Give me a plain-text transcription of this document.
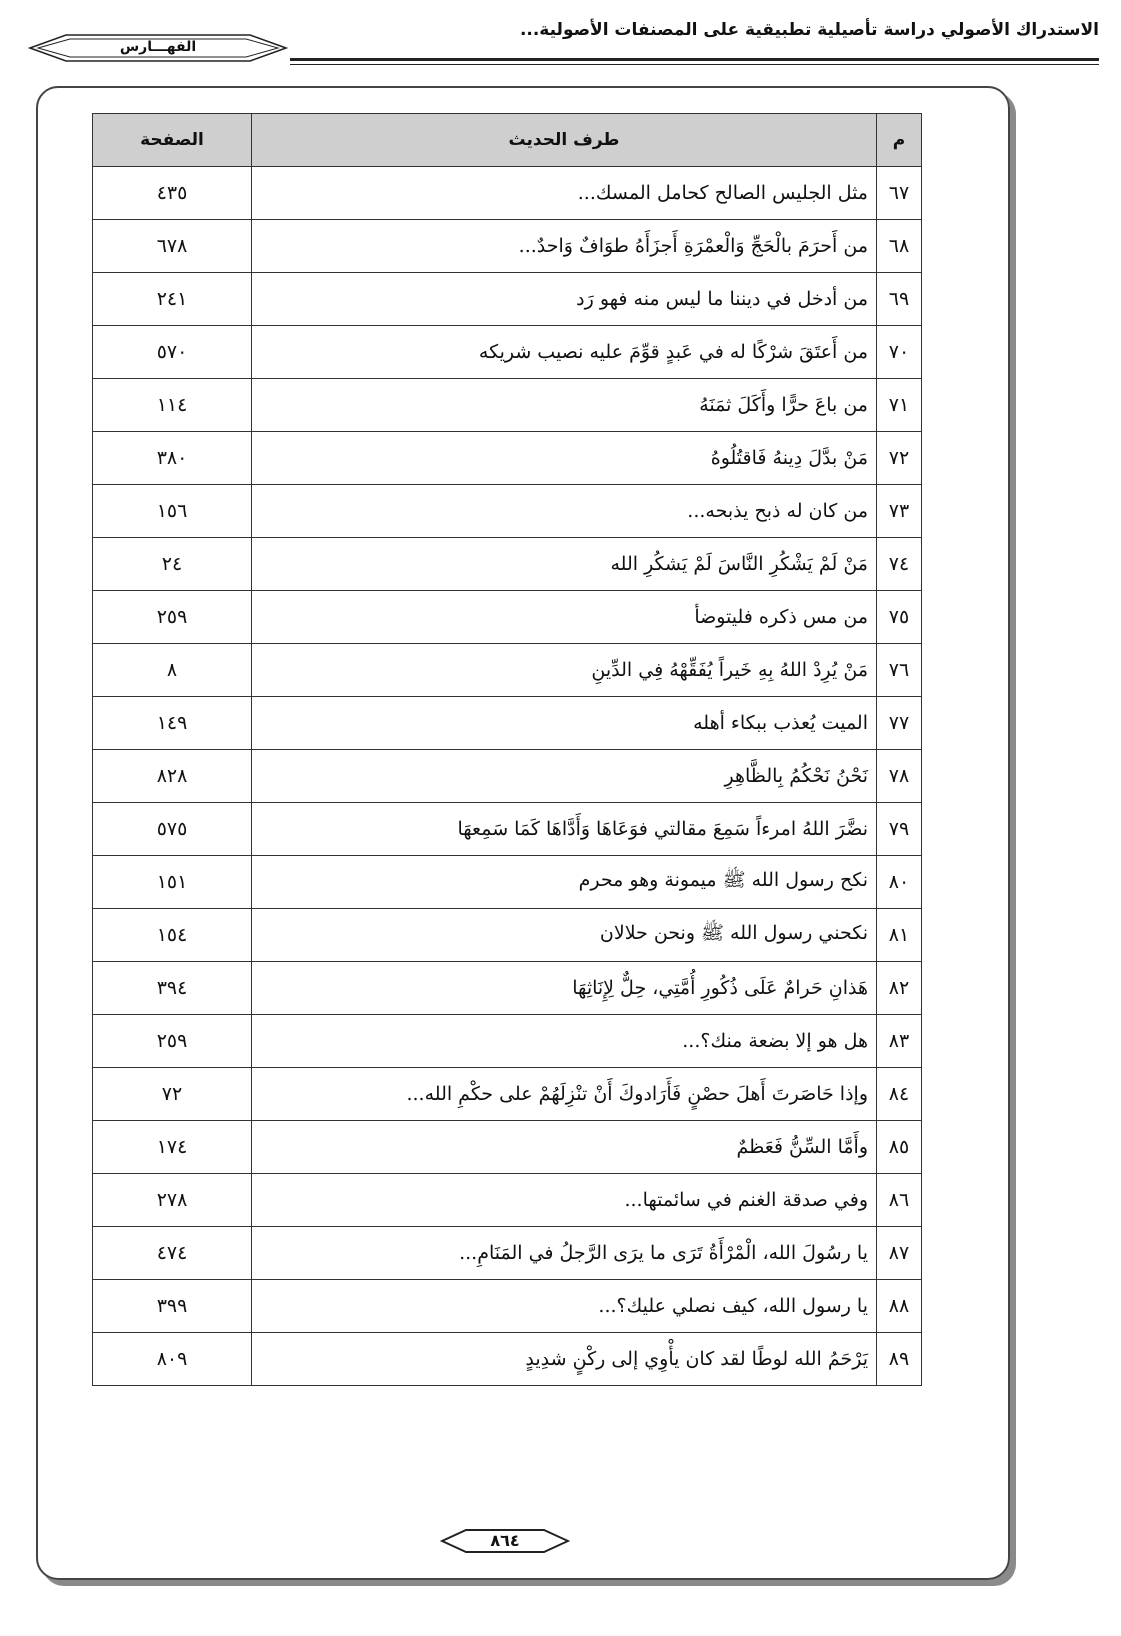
الاستدراك الأصولي دراسة تأصيلية تطبيقية على المصنفات الأصولية...
الفهـــارس
م	طرف الحديث	الصفحة
٦٧	مثل الجليس الصالح كحامل المسك...	٤٣٥
٦٨	من أَحرَمَ بالْحَجِّ وَالْعمْرَةِ أَجزَأَهُ طوَافٌ وَاحدٌ...	٦٧٨
٦٩	من أدخل في ديننا ما ليس منه فهو رَد	٢٤١
٧٠	من أَعتَقَ شرْكًا له في عَبدٍ قوِّمَ عليه نصيب شريكه	٥٧٠
٧١	من باعَ حرًّا وأَكَلَ ثمَنَهُ	١١٤
٧٢	مَنْ بدَّلَ دِينهُ فَاقتُلُوهُ	٣٨٠
٧٣	من كان له ذبح يذبحه...	١٥٦
٧٤	مَنْ لَمْ يَشْكُرِ النَّاسَ لَمْ يَشكُرِ الله	٢٤
٧٥	من مس ذكره فليتوضأ	٢٥٩
٧٦	مَنْ يُرِدْ اللهُ بِهِ خَيراً يُفَقِّهْهُ فِي الدِّينِ	٨
٧٧	الميت يُعذب ببكاء أهله	١٤٩
٧٨	نَحْنُ نَحْكُمُ بِالظَّاهِرِ	٨٢٨
٧٩	نضَّرَ اللهُ امرءاً سَمِعَ مقالتي فوَعَاهَا وَأَدَّاهَا كَمَا سَمِعهَا	٥٧٥
٨٠	نكح رسول الله ﷺ ميمونة وهو محرم	١٥١
٨١	نكحني رسول الله ﷺ ونحن حلالان	١٥٤
٨٢	هَذانِ حَرامٌ عَلَى ذُكُورِ أُمَّتِي، حِلٌّ لِإِنَاثِهَا	٣٩٤
٨٣	هل هو إلا بضعة منك؟...	٢٥٩
٨٤	وإذا حَاصَرتَ أَهلَ حصْنٍ فَأَرَادوكَ أَنْ تنْزِلَهُمْ على حكْمِ الله...	٧٢
٨٥	وأَمَّا السِّنُّ فَعَظمٌ	١٧٤
٨٦	وفي صدقة الغنم في سائمتها...	٢٧٨
٨٧	يا رسُولَ الله، الْمْرْأَةُ تَرَى ما يرَى الرَّجلُ في المَنَامِ...	٤٧٤
٨٨	يا رسول الله، كيف نصلي عليك؟...	٣٩٩
٨٩	يَرْحَمُ الله لوطًا لقد كان يأْوِي إلى ركْنٍ شدِيدٍ	٨٠٩
٨٦٤
